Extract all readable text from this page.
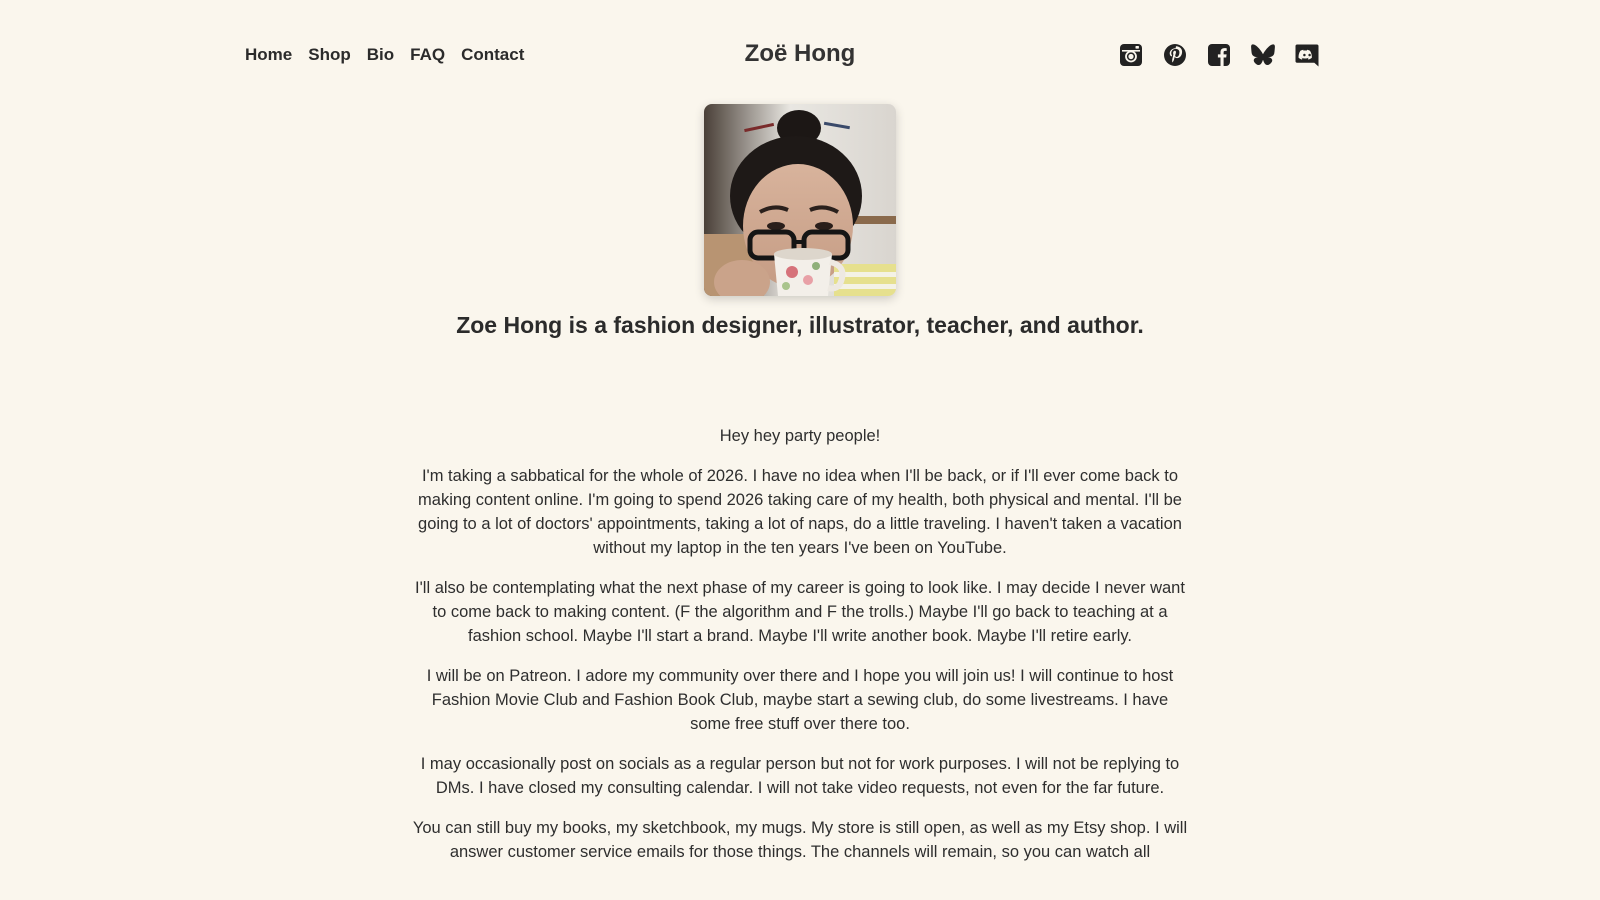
Home Shop Bio FAQ Contact	Zoë Hong
Zoe Hong is a fashion designer, illustrator, teacher, and author.

Hey hey party people!

I'm taking a sabbatical for the whole of 2026. I have no idea when I'll be back, or if I'll ever come back to making content online. I'm going to spend 2026 taking care of my health, both physical and mental. I'll be going to a lot of doctors' appointments, taking a lot of naps, do a little traveling. I haven't taken a vacation without my laptop in the ten years I've been on YouTube.

I'll also be contemplating what the next phase of my career is going to look like. I may decide I never want to come back to making content. (F the algorithm and F the trolls.) Maybe I'll go back to teaching at a fashion school. Maybe I'll start a brand. Maybe I'll write another book. Maybe I'll retire early.

I will be on Patreon. I adore my community over there and I hope you will join us! I will continue to host Fashion Movie Club and Fashion Book Club, maybe start a sewing club, do some livestreams. I have some free stuff over there too.

I may occasionally post on socials as a regular person but not for work purposes. I will not be replying to DMs. I have closed my consulting calendar. I will not take video requests, not even for the far future.

You can still buy my books, my sketchbook, my mugs. My store is still open, as well as my Etsy shop. I will answer customer service emails for those things. The channels will remain, so you can watch all
